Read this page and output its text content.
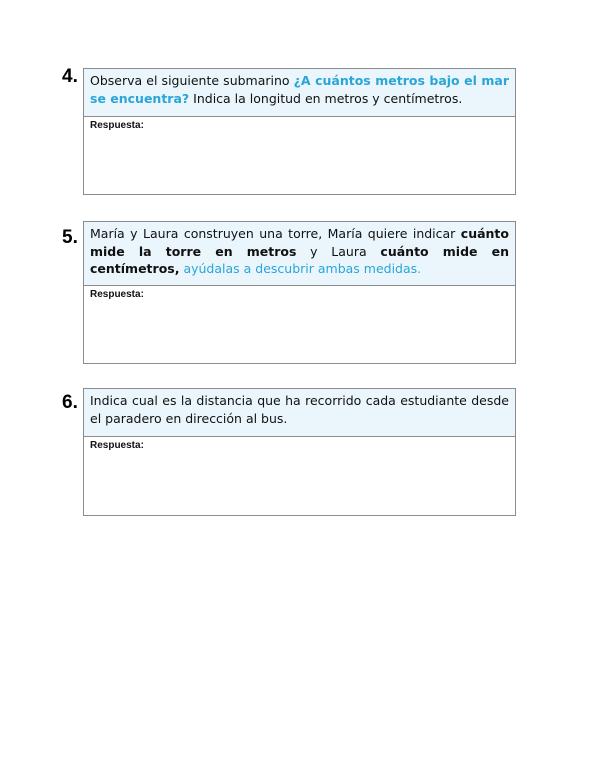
4. Observa el siguiente submarino ¿A cuántos metros bajo el mar se encuentra? Indica la longitud en metros y centímetros.
Respuesta:
5. María y Laura construyen una torre, María quiere indicar cuánto mide la torre en metros y Laura cuánto mide en centímetros, ayúdalas a descubrir ambas medidas.
Respuesta:
6. Indica cual es la distancia que ha recorrido cada estudiante desde el paradero en dirección al bus.
Respuesta:
